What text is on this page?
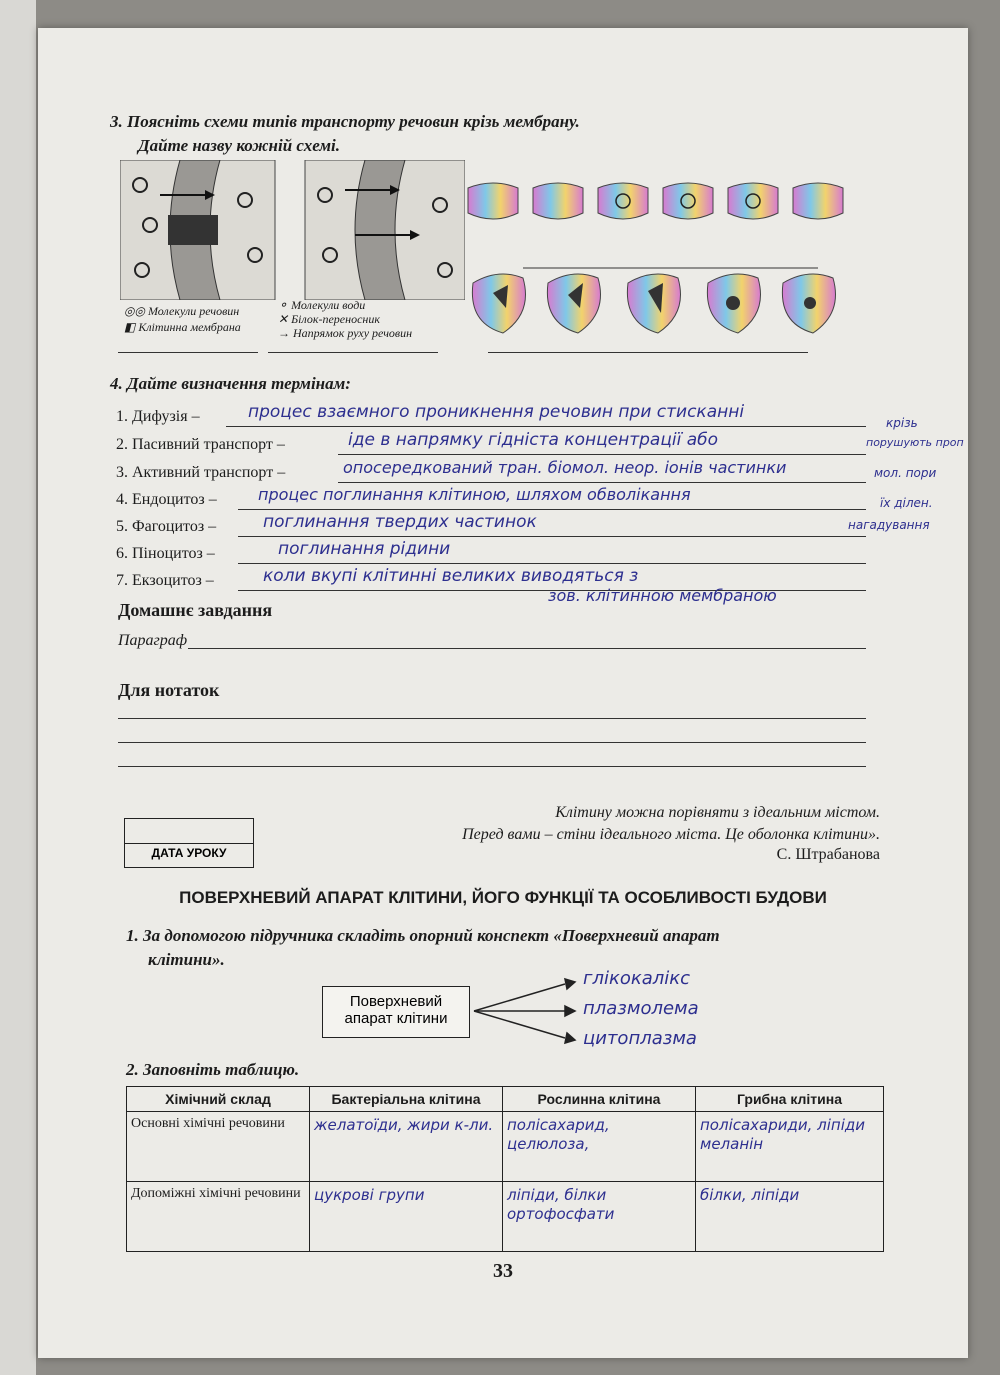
3. Поясніть схеми типів транспорту речовин крізь мембрану.
Дайте назву кожній схемі.
◎◎ Молекули речовин
◧ Клітинна мембрана
⚬ Молекули води
✕ Білок-переносник
→ Напрямок руху речовин
4. Дайте визначення термінам:
1. Дифузія –	процес взаємного проникнення речовин при стисканні
2. Пасивний транспорт –	іде в напрямку гідніста концентрації або
3. Активний транспорт –	опосередкований тран. біомол. неор. іонів частинки
4. Ендоцитоз –	процес поглинання клітиною, шляхом обволікання
5. Фагоцитоз –	поглинання твердих частинок
6. Піноцитоз –	поглинання рідини
7. Екзоцитоз –	коли вкупі клітинні великих виводяться з
зов. клітинною мембраною
крізь
порушують проп
мол. пори
їх ділен.
нагадування
Домашнє завдання
Параграф
Для нотаток
Клітину можна порівняти з ідеальним містом.
Перед вами – стіни ідеального міста. Це оболонка клітини».
С. Штрабанова
ДАТА УРОКУ
ПОВЕРХНЕВИЙ АПАРАТ КЛІТИНИ, ЙОГО ФУНКЦІЇ ТА ОСОБЛИВОСТІ БУДОВИ
1. За допомогою підручника складіть опорний конспект «Поверхневий апарат
клітини».
Поверхневий
апарат клітини
глікокалікс
плазмолема
цитоплазма
2. Заповніть таблицю.
Хімічний склад	Бактеріальна клітина	Рослинна клітина	Грибна клітина
Основні хімічні речовини	желатоїди, жири к-ли.	полісахарид, целюлоза,	полісахариди, ліпіди меланін
Допоміжні хімічні речовини	цукрові групи	ліпіди, білки ортофосфати	білки, ліпіди
33
